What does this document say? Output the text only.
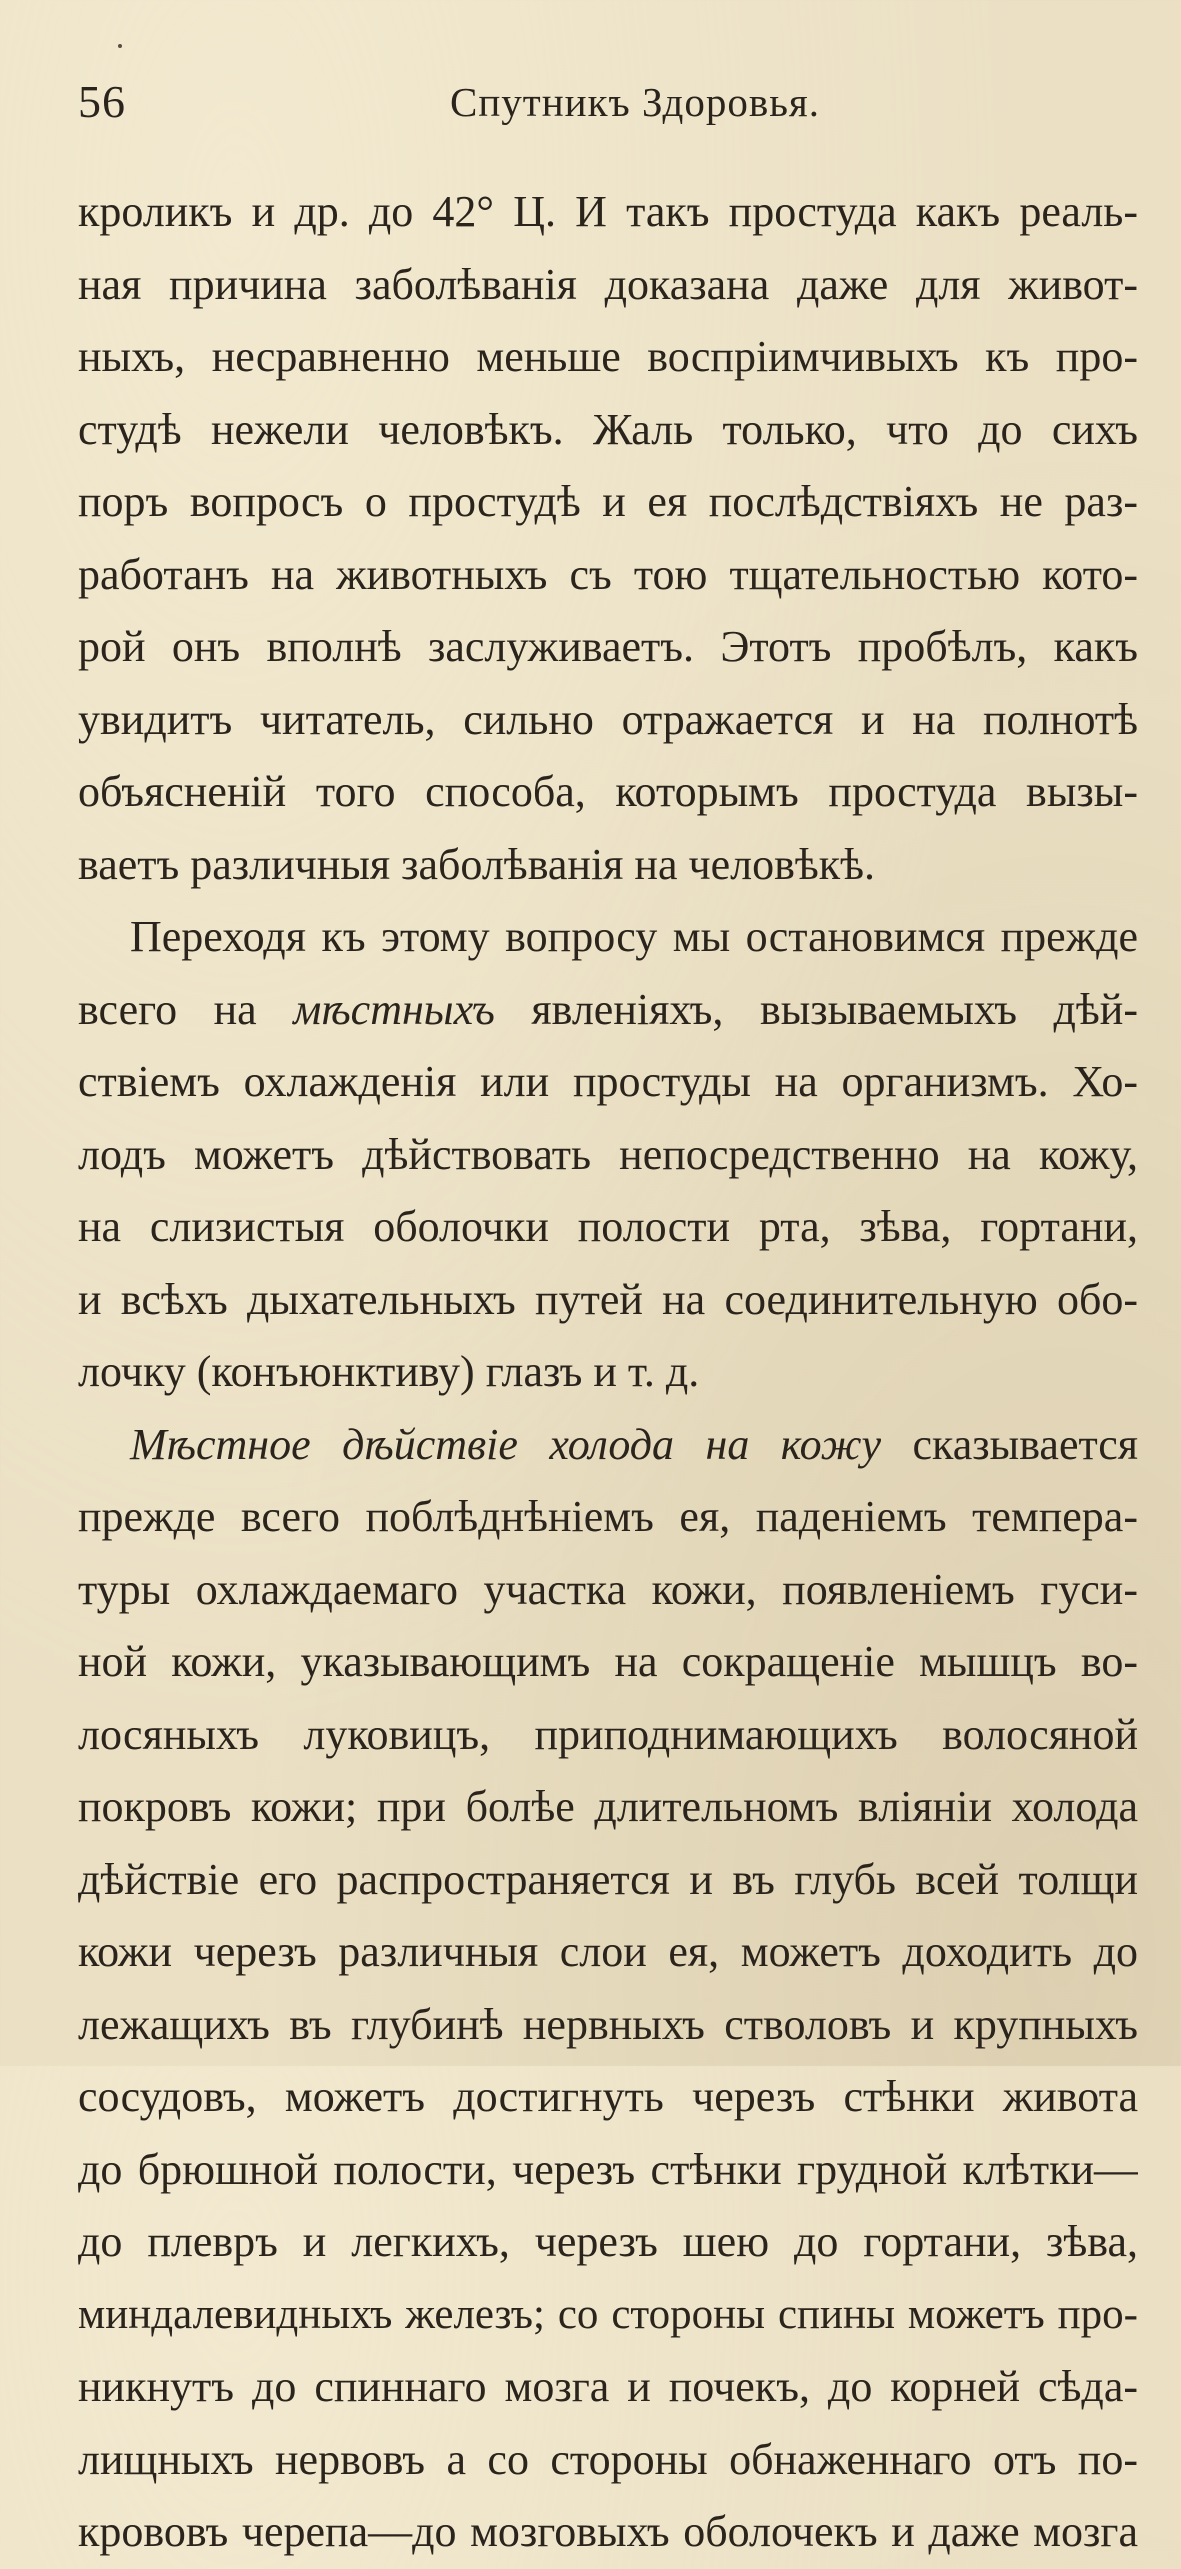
56	Спутникъ Здоровья.
кроликъ и др. до 42° Ц. И такъ простуда какъ реаль-
ная причина заболѣванія доказана даже для живот-
ныхъ, несравненно меньше воспріимчивыхъ къ про-
студѣ нежели человѣкъ. Жаль только, что до сихъ
поръ вопросъ о простудѣ и ея послѣдствіяхъ не раз-
работанъ на животныхъ съ тою тщательностью кото-
рой онъ вполнѣ заслуживаетъ. Этотъ пробѣлъ, какъ
увидитъ читатель, сильно отражается и на полнотѣ
объясненій того способа, которымъ простуда вызы-
ваетъ различныя заболѣванія на человѣкѣ.
Переходя къ этому вопросу мы остановимся прежде
всего на мѣстныхъ явленіяхъ, вызываемыхъ дѣй-
ствіемъ охлажденія или простуды на организмъ. Хо-
лодъ можетъ дѣйствовать непосредственно на кожу,
на слизистыя оболочки полости рта, зѣва, гортани,
и всѣхъ дыхательныхъ путей на соединительную обо-
лочку (конъюнктиву) глазъ и т. д.
Мѣстное дѣйствіе холода на кожу сказывается
прежде всего поблѣднѣніемъ ея, паденіемъ темпера-
туры охлаждаемаго участка кожи, появленіемъ гуси-
ной кожи, указывающимъ на сокращеніе мышцъ во-
лосяныхъ луковицъ, приподнимающихъ волосяной
покровъ кожи; при болѣе длительномъ вліяніи холода
дѣйствіе его распространяется и въ глубь всей толщи
кожи черезъ различныя слои ея, можетъ доходить до
лежащихъ въ глубинѣ нервныхъ стволовъ и крупныхъ
сосудовъ, можетъ достигнуть черезъ стѣнки живота
до брюшной полости, черезъ стѣнки грудной клѣтки—
до плевръ и легкихъ, черезъ шею до гортани, зѣва,
миндалевидныхъ железъ; со стороны спины можетъ про-
никнутъ до спиннаго мозга и почекъ, до корней сѣда-
лищныхъ нервовъ а со стороны обнаженнаго отъ по-
крововъ черепа—до мозговыхъ оболочекъ и даже мозга
